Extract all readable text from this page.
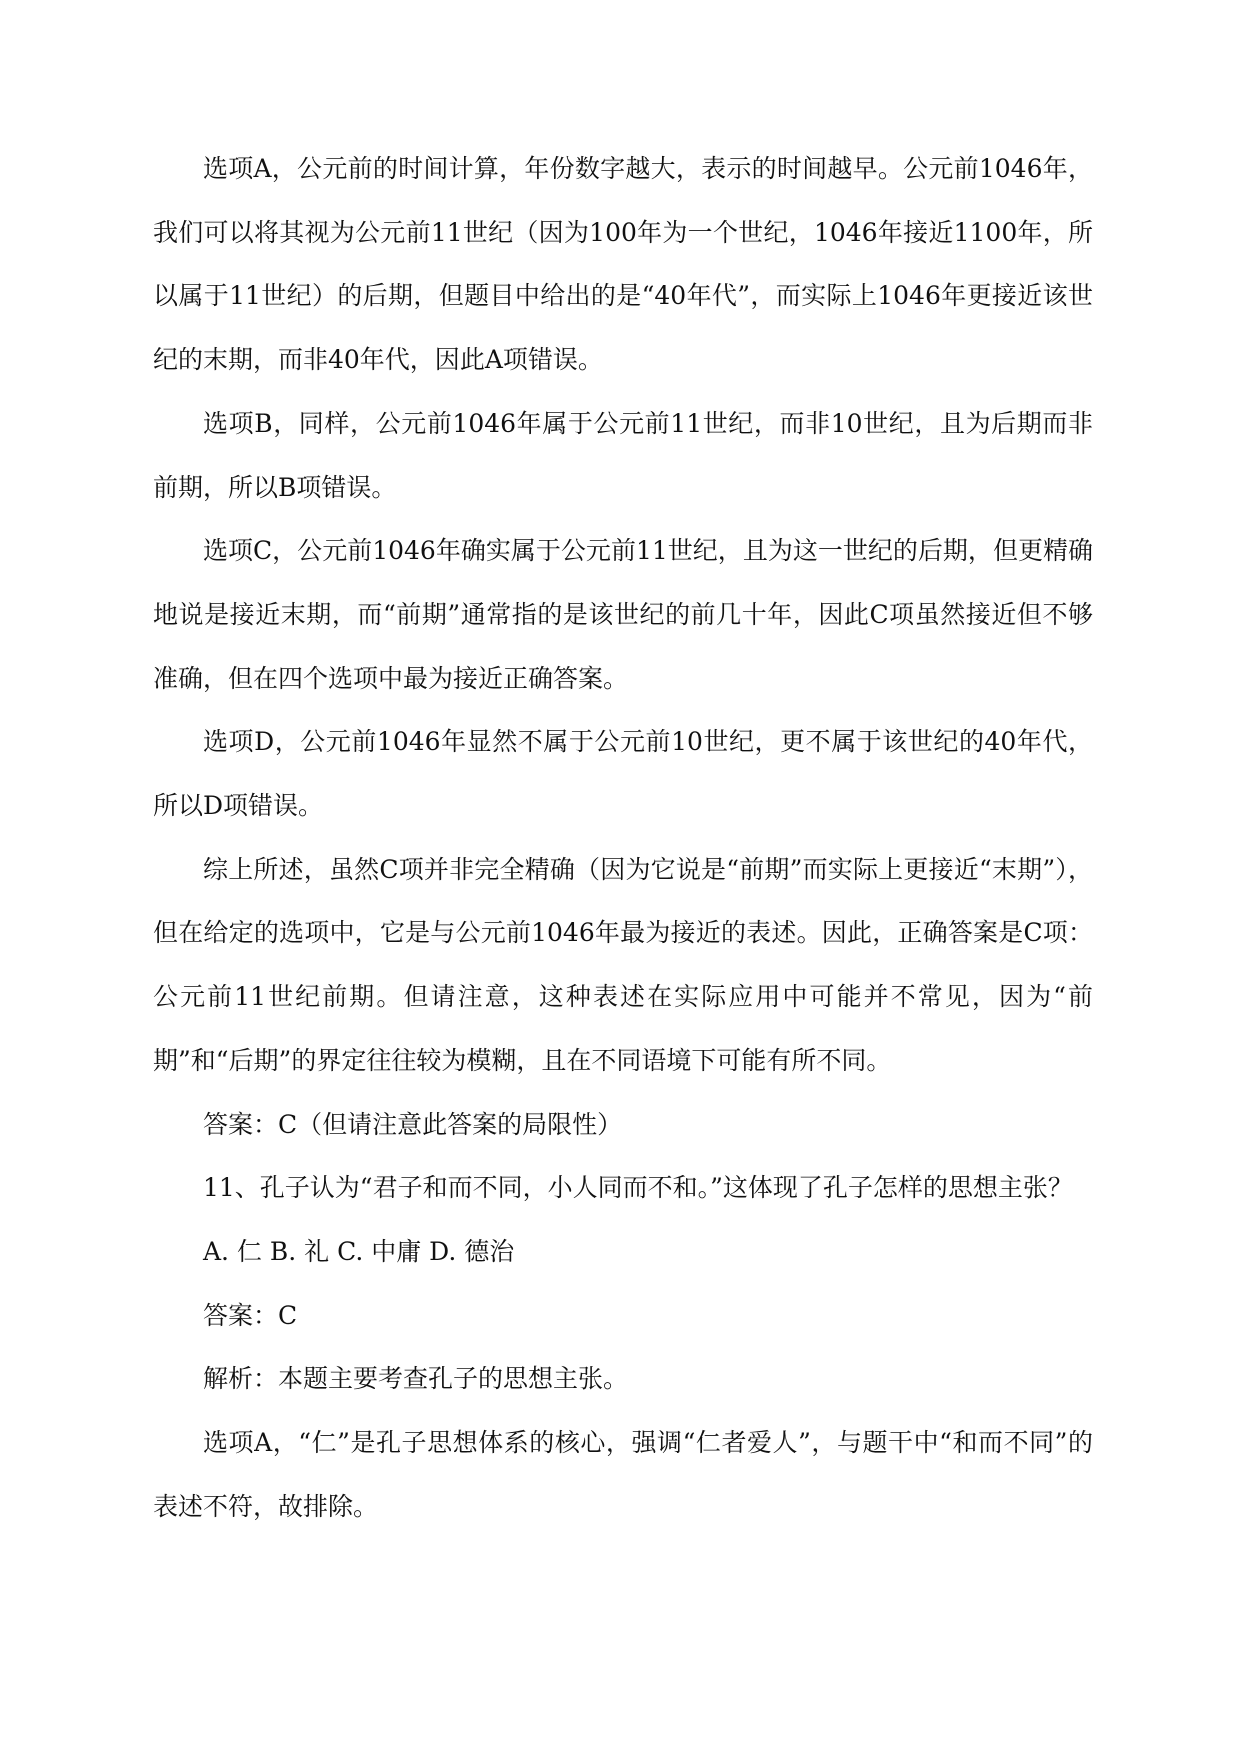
选项A，公元前的时间计算，年份数字越大，表示的时间越早。公元前1046年，我们可以将其视为公元前11世纪（因为100年为一个世纪，1046年接近1100年，所以属于11世纪）的后期，但题目中给出的是“40年代”，而实际上1046年更接近该世纪的末期，而非40年代，因此A项错误。

选项B，同样，公元前1046年属于公元前11世纪，而非10世纪，且为后期而非前期，所以B项错误。

选项C，公元前1046年确实属于公元前11世纪，且为这一世纪的后期，但更精确地说是接近末期，而“前期”通常指的是该世纪的前几十年，因此C项虽然接近但不够准确，但在四个选项中最为接近正确答案。

选项D，公元前1046年显然不属于公元前10世纪，更不属于该世纪的40年代，所以D项错误。

综上所述，虽然C项并非完全精确（因为它说是“前期”而实际上更接近“末期”），但在给定的选项中，它是与公元前1046年最为接近的表述。因此，正确答案是C项：公元前11世纪前期。但请注意，这种表述在实际应用中可能并不常见，因为“前期”和“后期”的界定往往较为模糊，且在不同语境下可能有所不同。

答案：C（但请注意此答案的局限性）

11、孔子认为“君子和而不同，小人同而不和。”这体现了孔子怎样的思想主张？

A. 仁 B. 礼 C. 中庸 D. 德治

答案：C

解析：本题主要考查孔子的思想主张。

选项A，“仁”是孔子思想体系的核心，强调“仁者爱人”，与题干中“和而不同”的表述不符，故排除。
